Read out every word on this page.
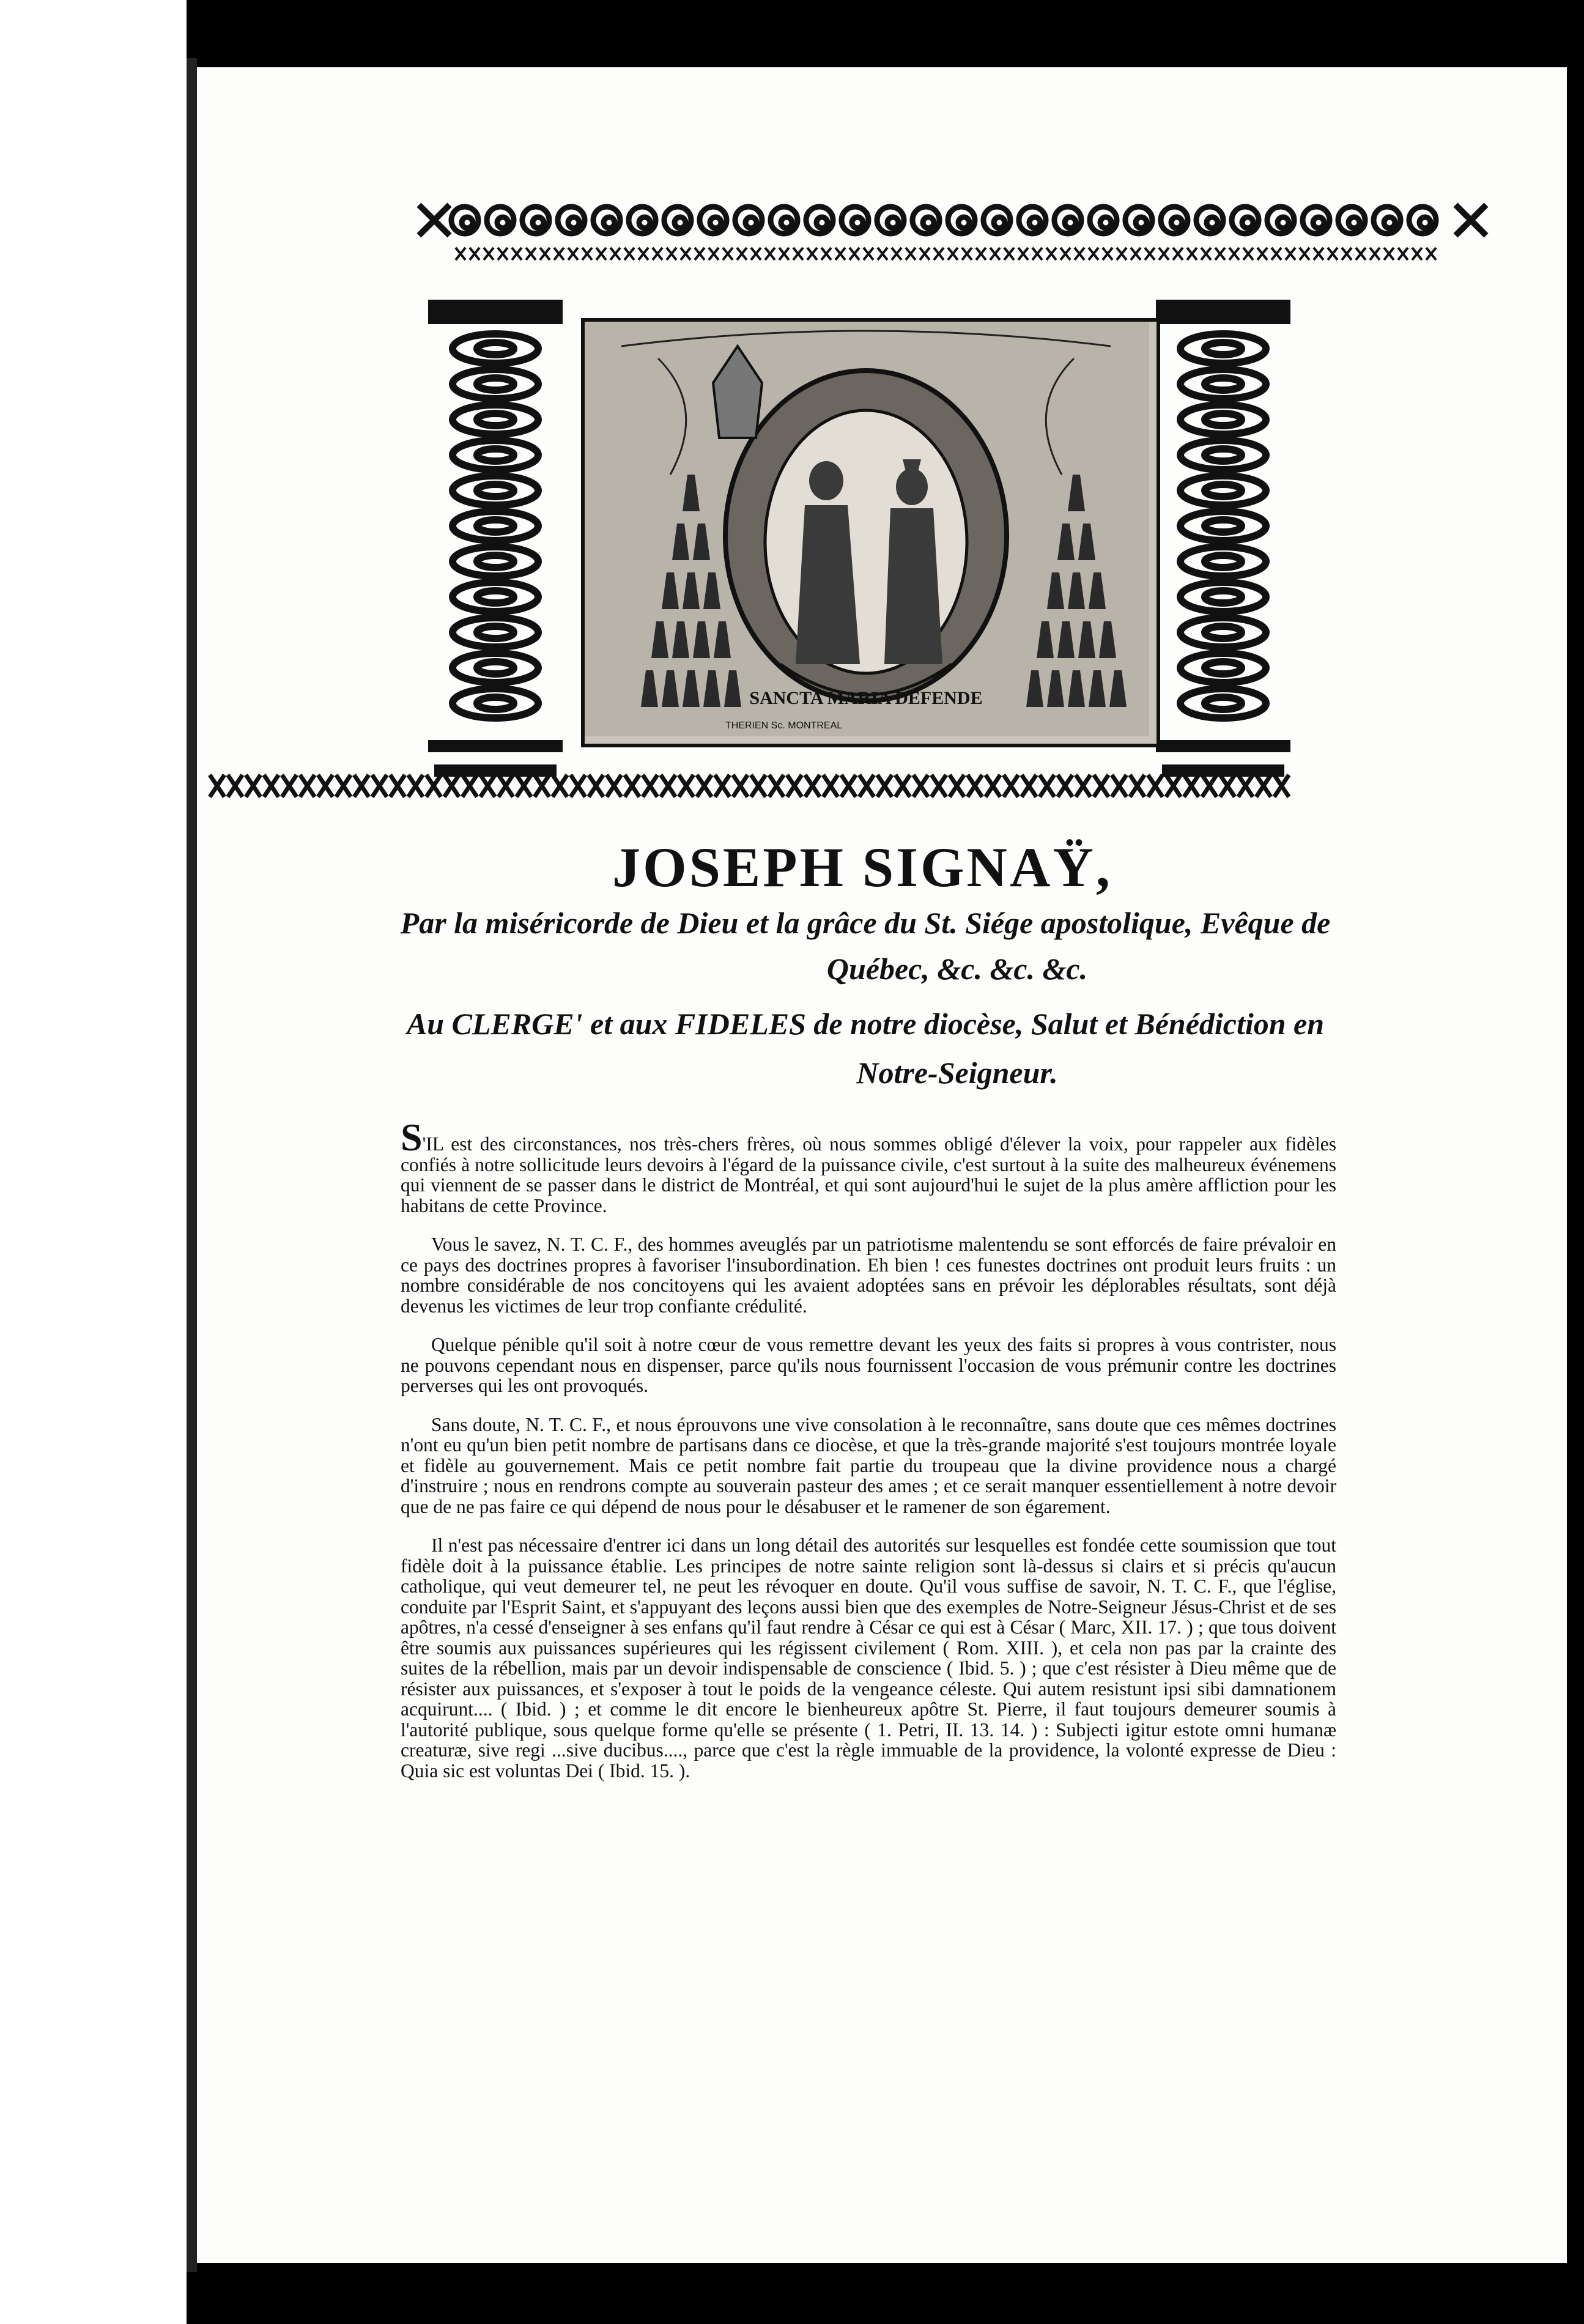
SANCTA MARIA DEFENDE
THERIEN Sc. MONTREAL
JOSEPH SIGNAŸ,
Par la miséricorde de Dieu et la grâce du St. Siége apostolique, Evêque de
Québec, &c. &c. &c.
Au CLERGE' et aux FIDELES de notre diocèse, Salut et Bénédiction en
Notre-Seigneur.

S'IL est des circonstances, nos très-chers frères, où nous sommes obligé d'élever la voix, pour rappeler aux fidèles confiés à notre sollicitude leurs devoirs à l'égard de la puissance civile, c'est surtout à la suite des malheureux événemens qui viennent de se passer dans le district de Montréal, et qui sont aujourd'hui le sujet de la plus amère affliction pour les habitans de cette Province.

Vous le savez, N. T. C. F., des hommes aveuglés par un patriotisme malentendu se sont efforcés de faire prévaloir en ce pays des doctrines propres à favoriser l'insubordination. Eh bien ! ces funestes doctrines ont produit leurs fruits : un nombre considérable de nos concitoyens qui les avaient adoptées sans en prévoir les déplorables résultats, sont déjà devenus les victimes de leur trop confiante crédulité.

Quelque pénible qu'il soit à notre cœur de vous remettre devant les yeux des faits si propres à vous contrister, nous ne pouvons cependant nous en dispenser, parce qu'ils nous fournissent l'occasion de vous prémunir contre les doctrines perverses qui les ont provoqués.

Sans doute, N. T. C. F., et nous éprouvons une vive consolation à le reconnaître, sans doute que ces mêmes doctrines n'ont eu qu'un bien petit nombre de partisans dans ce diocèse, et que la très-grande majorité s'est toujours montrée loyale et fidèle au gouvernement. Mais ce petit nombre fait partie du troupeau que la divine providence nous a chargé d'instruire ; nous en rendrons compte au souverain pasteur des ames ; et ce serait manquer essentiellement à notre devoir que de ne pas faire ce qui dépend de nous pour le désabuser et le ramener de son égarement.

Il n'est pas nécessaire d'entrer ici dans un long détail des autorités sur lesquelles est fondée cette soumission que tout fidèle doit à la puissance établie. Les principes de notre sainte religion sont là-dessus si clairs et si précis qu'aucun catholique, qui veut demeurer tel, ne peut les révoquer en doute. Qu'il vous suffise de savoir, N. T. C. F., que l'église, conduite par l'Esprit Saint, et s'appuyant des leçons aussi bien que des exemples de Notre-Seigneur Jésus-Christ et de ses apôtres, n'a cessé d'enseigner à ses enfans qu'il faut rendre à César ce qui est à César ( Marc, XII. 17. ) ; que tous doivent être soumis aux puissances supérieures qui les régissent civilement ( Rom. XIII. ), et cela non pas par la crainte des suites de la rébellion, mais par un devoir indispensable de conscience ( Ibid. 5. ) ; que c'est résister à Dieu même que de résister aux puissances, et s'exposer à tout le poids de la vengeance céleste. Qui autem resistunt ipsi sibi damnationem acquirunt.... ( Ibid. ) ; et comme le dit encore le bienheureux apôtre St. Pierre, il faut toujours demeurer soumis à l'autorité publique, sous quelque forme qu'elle se présente ( 1. Petri, II. 13. 14. ) : Subjecti igitur estote omni humanæ creaturæ, sive regi ...sive ducibus...., parce que c'est la règle immuable de la providence, la volonté expresse de Dieu : Quia sic est voluntas Dei ( Ibid. 15. ).
